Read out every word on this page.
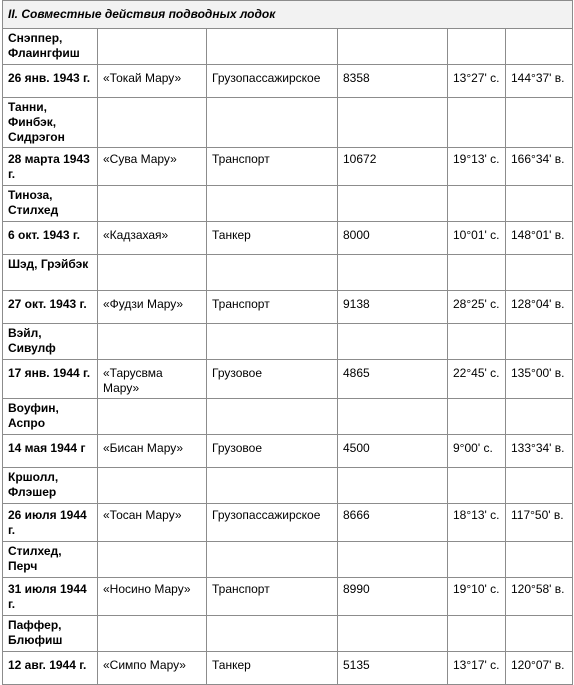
II. Совместные действия подводных лодок					
Снэппер, Флаингфиш					
26 янв. 1943 г.	«Токай Мару»	Грузопассажирское	8358	13°27' с.	144°37' в.
Танни, Финбэк, Сидрэгон					
28 марта 1943 г.	«Сува Мару»	Транспорт	10672	19°13' с.	166°34' в.
Тиноза, Стилхед					
6 окт. 1943 г.	«Кадзахая»	Танкер	8000	10°01' с.	148°01' в.
Шэд, Грэйбэк					
27 окт. 1943 г.	«Фудзи Мару»	Транспорт	9138	28°25' с.	128°04' в.
Вэйл, Сивулф					
17 янв. 1944 г.	«Тарусвма Мару»	Грузовое	4865	22°45' с.	135°00' в.
Воуфин, Аспро					
14 мая 1944 г	«Бисан Мару»	Грузовое	4500	9°00' с.	133°34' в.
Кршолл, Флэшер					
26 июля 1944 г.	«Тосан Мару»	Грузопассажирское	8666	18°13' с.	117°50' в.
Стилхед, Перч					
31 июля 1944 г.	«Носино Мару»	Транспорт	8990	19°10' с.	120°58' в.
Паффер, Блюфиш					
12 авг. 1944 г.	«Симпо Мару»	Танкер	5135	13°17' с.	120°07' в.
